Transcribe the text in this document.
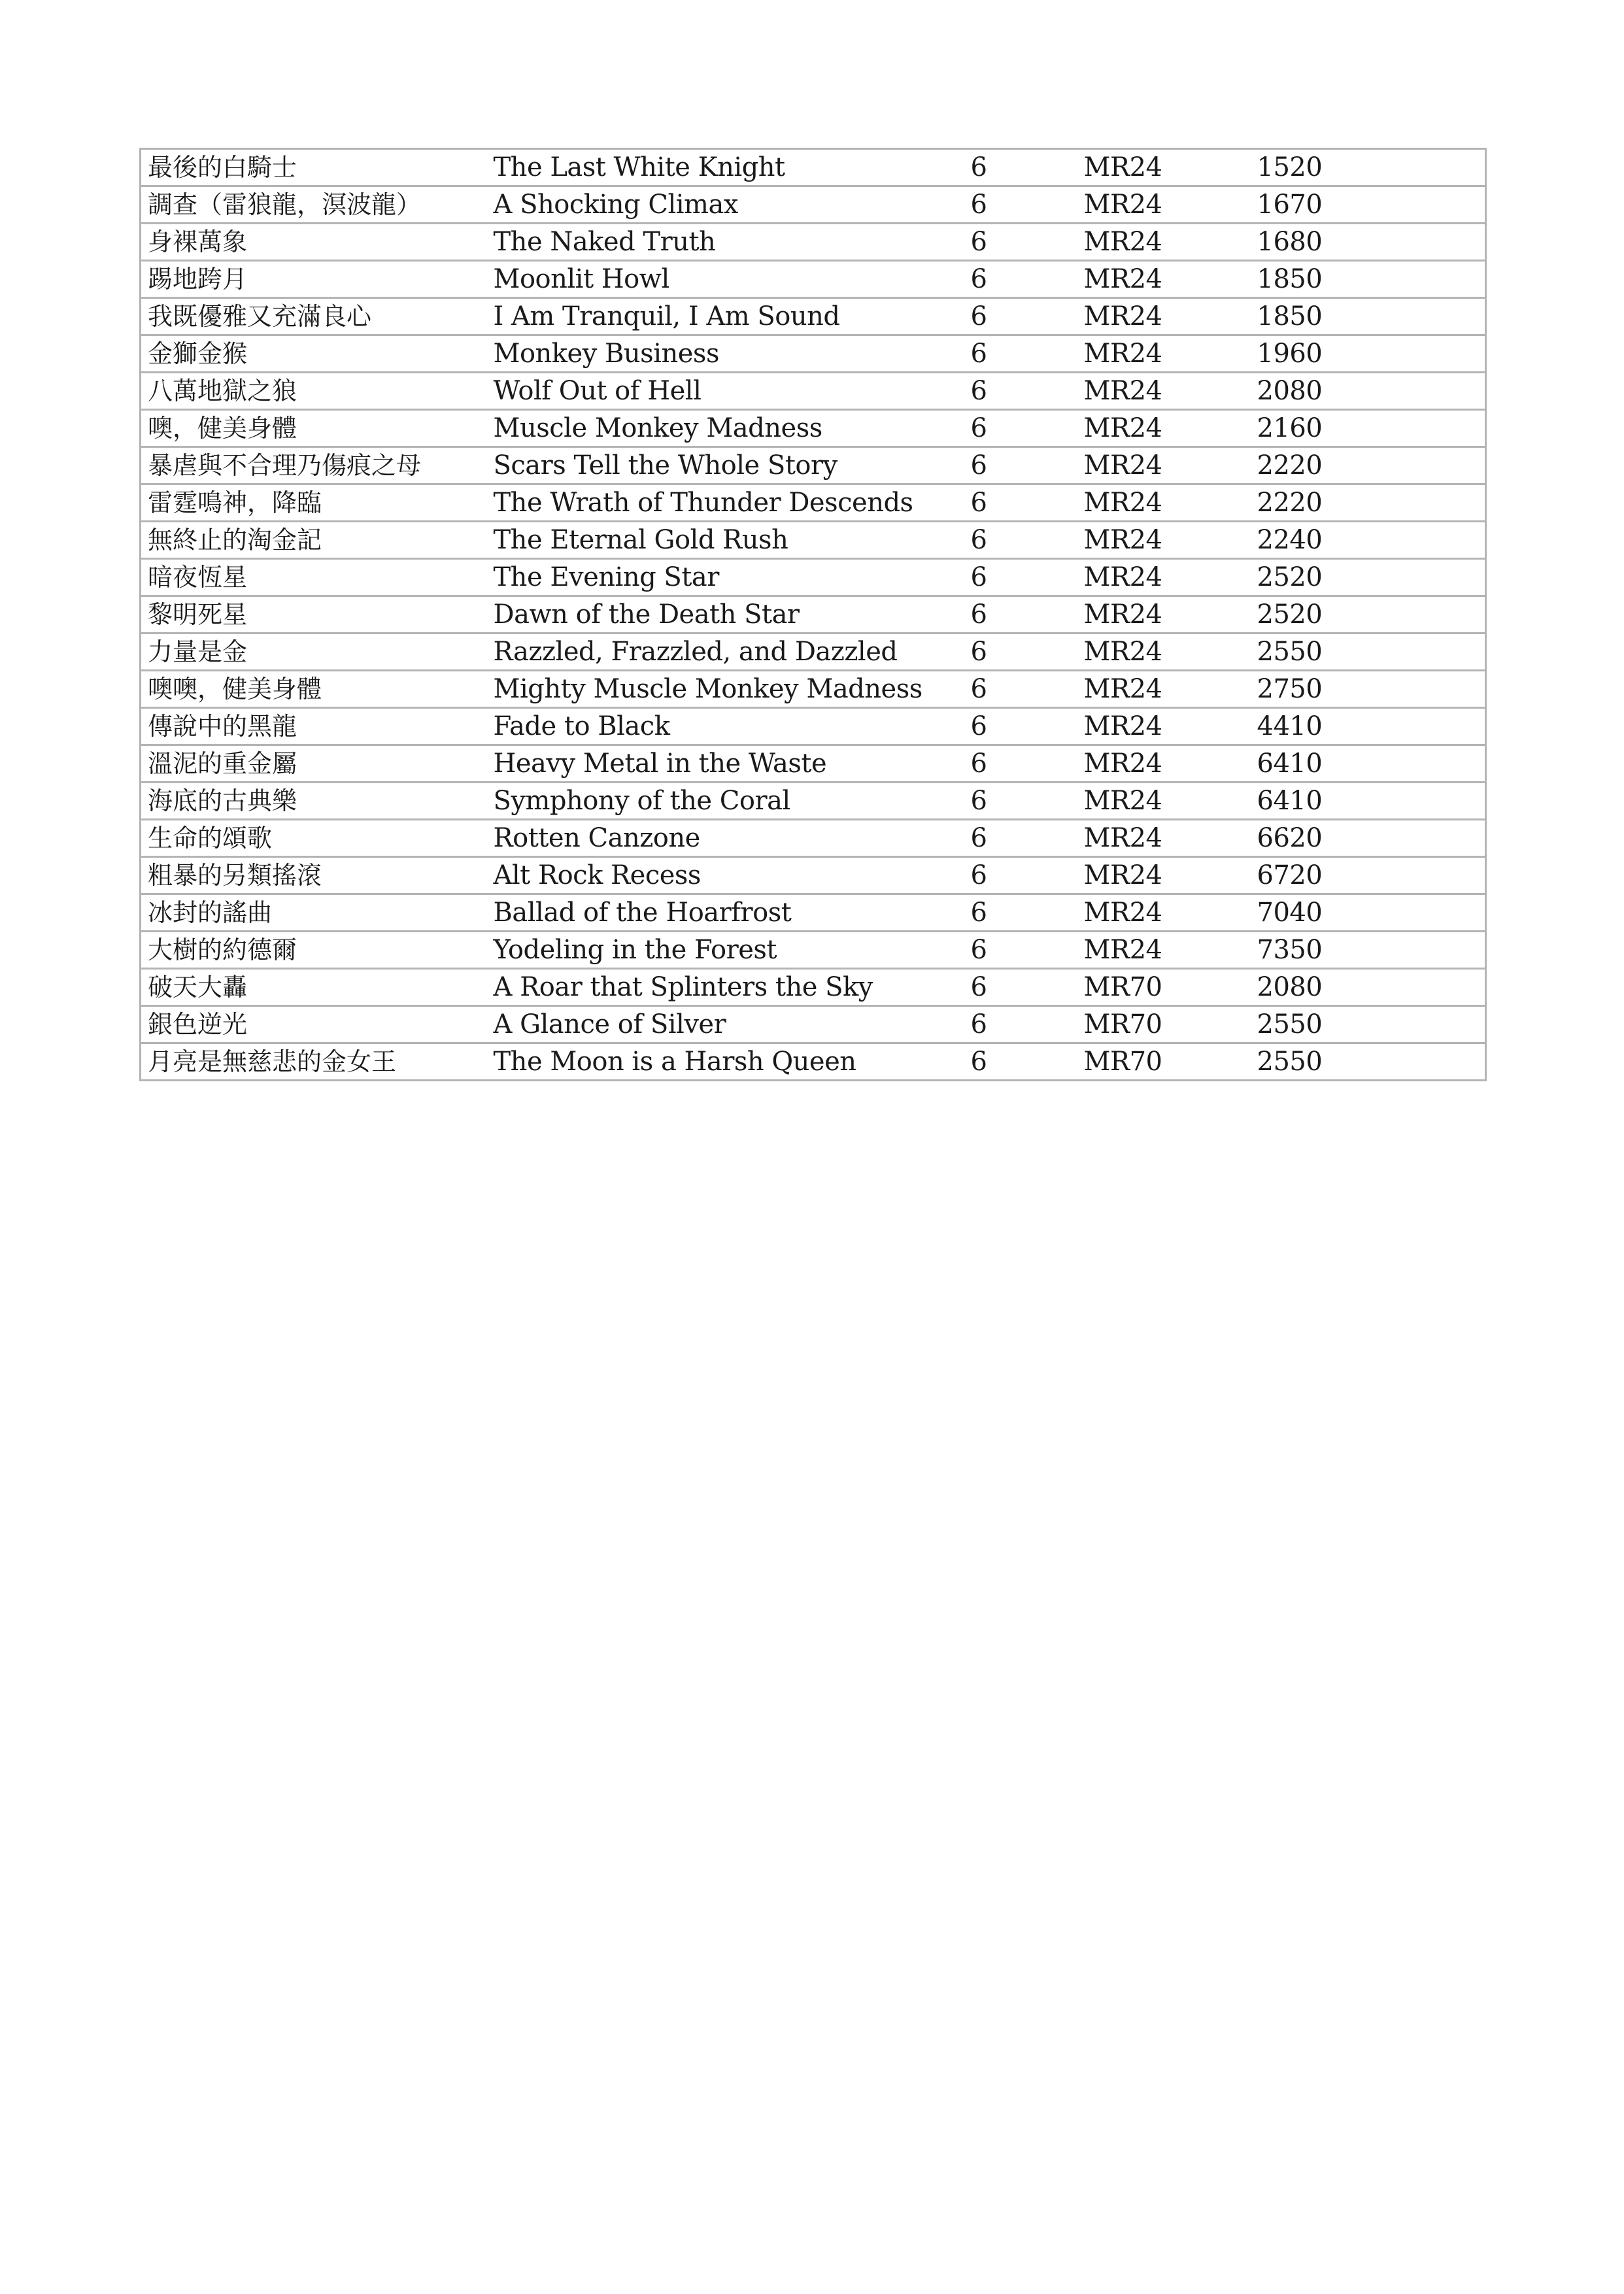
最後的白騎士	The Last White Knight	6	MR24	1520
調查（雷狼龍，溟波龍）	A Shocking Climax	6	MR24	1670
身裸萬象	The Naked Truth	6	MR24	1680
踢地跨月	Moonlit Howl	6	MR24	1850
我既優雅又充滿良心	I Am Tranquil, I Am Sound	6	MR24	1850
金獅金猴	Monkey Business	6	MR24	1960
八萬地獄之狼	Wolf Out of Hell	6	MR24	2080
噢，健美身體	Muscle Monkey Madness	6	MR24	2160
暴虐與不合理乃傷痕之母	Scars Tell the Whole Story	6	MR24	2220
雷霆鳴神，降臨	The Wrath of Thunder Descends	6	MR24	2220
無終止的淘金記	The Eternal Gold Rush	6	MR24	2240
暗夜恆星	The Evening Star	6	MR24	2520
黎明死星	Dawn of the Death Star	6	MR24	2520
力量是金	Razzled, Frazzled, and Dazzled	6	MR24	2550
噢噢，健美身體	Mighty Muscle Monkey Madness	6	MR24	2750
傳說中的黑龍	Fade to Black	6	MR24	4410
溫泥的重金屬	Heavy Metal in the Waste	6	MR24	6410
海底的古典樂	Symphony of the Coral	6	MR24	6410
生命的頌歌	Rotten Canzone	6	MR24	6620
粗暴的另類搖滾	Alt Rock Recess	6	MR24	6720
冰封的謠曲	Ballad of the Hoarfrost	6	MR24	7040
大樹的約德爾	Yodeling in the Forest	6	MR24	7350
破天大轟	A Roar that Splinters the Sky	6	MR70	2080
銀色逆光	A Glance of Silver	6	MR70	2550
月亮是無慈悲的金女王	The Moon is a Harsh Queen	6	MR70	2550
